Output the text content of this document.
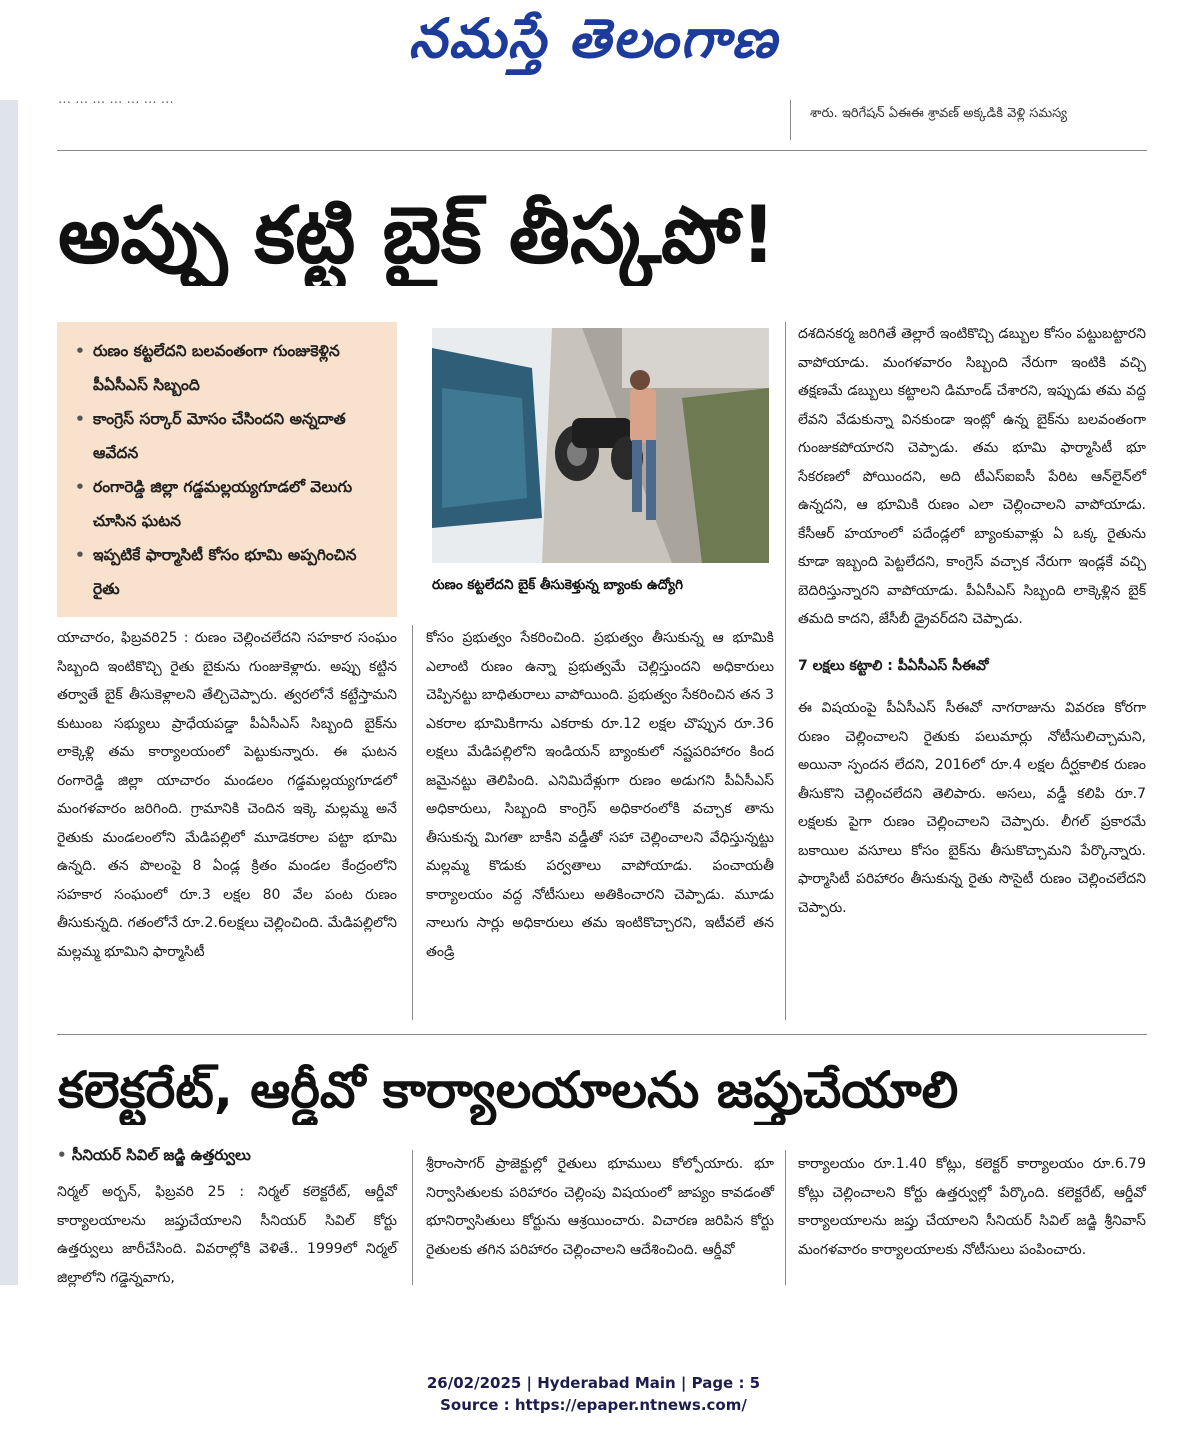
నమస్తే తెలంగాణ
… … … … … … …
శారు. ఇరిగేషన్ ఏఈఈ శ్రావణ్ అక్కడికి వెళ్లి సమస్య
అప్పు కట్టి బైక్ తీస్కపో!
• రుణం కట్టలేదని బలవంతంగా గుంజుకెళ్లిన పీఏసీఎస్ సిబ్బంది
• కాంగ్రెస్ సర్కార్ మోసం చేసిందని అన్నదాత ఆవేదన
• రంగారెడ్డి జిల్లా గడ్డమల్లయ్యగూడలో వెలుగు చూసిన ఘటన
• ఇప్పటికే ఫార్మాసిటీ కోసం భూమి అప్పగించిన రైతు	రుణం కట్టలేదని బైక్ తీసుకెళ్తున్న బ్యాంకు ఉద్యోగి

యాచారం, ఫిబ్రవరి25 : రుణం చెల్లించలేదని సహకార సంఘం సిబ్బంది ఇంటికొచ్చి రైతు బైకును గుంజుకెళ్లారు. అప్పు కట్టిన తర్వాతే బైక్ తీసుకెళ్లాలని తేల్చిచెప్పారు. త్వరలోనే కట్టేస్తామని కుటుంబ సభ్యులు ప్రాధేయపడ్డా పీఏసీఎస్ సిబ్బంది బైక్‌ను లాక్కెళ్లి తమ కార్యాలయంలో పెట్టుకున్నారు. ఈ ఘటన రంగారెడ్డి జిల్లా యాచారం మండలం గడ్డమల్లయ్యగూడలో మంగళవారం జరిగింది. గ్రామానికి చెందిన ఇక్కె మల్లమ్మ అనే రైతుకు మండలంలోని మేడిపల్లిలో మూడెకరాల పట్టా భూమి ఉన్నది. తన పొలంపై 8 ఏండ్ల క్రితం మండల కేంద్రంలోని సహకార సంఘంలో రూ.3 లక్షల 80 వేల పంట రుణం తీసుకున్నది. గతంలోనే రూ.2.6లక్షలు చెల్లించింది. మేడిపల్లిలోని మల్లమ్మ భూమిని ఫార్మాసిటీ

కోసం ప్రభుత్వం సేకరించింది. ప్రభుత్వం తీసుకున్న ఆ భూమికి ఎలాంటి రుణం ఉన్నా ప్రభుత్వమే చెల్లిస్తుందని అధికారులు చెప్పినట్టు బాధితురాలు వాపోయింది. ప్రభుత్వం సేకరించిన తన 3 ఎకరాల భూమికిగాను ఎకరాకు రూ.12 లక్షల చొప్పున రూ.36 లక్షలు మేడిపల్లిలోని ఇండియన్ బ్యాంకులో నష్టపరిహారం కింద జమైనట్టు తెలిపింది. ఎనిమిదేళ్లుగా రుణం అడుగని పీఏసీఎస్ అధికారులు, సిబ్బంది కాంగ్రెస్ అధికారంలోకి వచ్చాక తాను తీసుకున్న మిగతా బాకీని వడ్డీతో సహా చెల్లించాలని వేధిస్తున్నట్టు మల్లమ్మ కొడుకు పర్వతాలు వాపోయాడు. పంచాయతీ కార్యాలయం వద్ద నోటీసులు అతికించారని చెప్పాడు. మూడు నాలుగు సార్లు అధికారులు తమ ఇంటికొచ్చారని, ఇటీవలే తన తండ్రి

దశదినకర్మ జరిగితే తెల్లారే ఇంటికొచ్చి డబ్బుల కోసం పట్టుబట్టారని వాపోయాడు. మంగళవారం సిబ్బంది నేరుగా ఇంటికి వచ్చి తక్షణమే డబ్బులు కట్టాలని డిమాండ్ చేశారని, ఇప్పుడు తమ వద్ద లేవని వేడుకున్నా వినకుండా ఇంట్లో ఉన్న బైక్‌ను బలవంతంగా గుంజుకపోయారని చెప్పాడు. తమ భూమి ఫార్మాసిటీ భూ సేకరణలో పోయిందని, అది టీఎస్‌ఐఐసీ పేరిట ఆన్‌లైన్‌లో ఉన్నదని, ఆ భూమికి రుణం ఎలా చెల్లించాలని వాపోయాడు. కేసీఆర్ హయాంలో పదేండ్లలో బ్యాంకువాళ్లు ఏ ఒక్క రైతును కూడా ఇబ్బంది పెట్టలేదని, కాంగ్రెస్ వచ్చాక నేరుగా ఇండ్లకే వచ్చి బెదిరిస్తున్నారని వాపోయాడు. పీఏసీఎస్ సిబ్బంది లాక్కెళ్లిన బైక్ తమది కాదని, జేసీబీ డ్రైవర్‌దని చెప్పాడు.

7 లక్షలు కట్టాలి : పీఏసీఎస్ సీఈవో

ఈ విషయంపై పీఏసీఎస్ సీఈవో నాగరాజును వివరణ కోరగా రుణం చెల్లించాలని రైతుకు పలుమార్లు నోటీసులిచ్చామని, అయినా స్పందన లేదని, 2016లో రూ.4 లక్షల దీర్ఘకాలిక రుణం తీసుకొని చెల్లించలేదని తెలిపారు. అసలు, వడ్డీ కలిపి రూ.7 లక్షలకు పైగా రుణం చెల్లించాలని చెప్పారు. లీగల్ ప్రకారమే బకాయిల వసూలు కోసం బైక్‌ను తీసుకొచ్చామని పేర్కొన్నారు. ఫార్మాసిటీ పరిహారం తీసుకున్న రైతు సొసైటీ రుణం చెల్లించలేదని చెప్పారు.

కలెక్టరేట్, ఆర్డీవో కార్యాలయాలను జప్తుచేయాలి
• సీనియర్ సివిల్ జడ్జి ఉత్తర్వులు

నిర్మల్ అర్బన్, ఫిబ్రవరి 25 : నిర్మల్ కలెక్టరేట్, ఆర్డీవో కార్యాలయాలను జప్తుచేయాలని సీనియర్ సివిల్ కోర్టు ఉత్తర్వులు జారీచేసింది. వివరాల్లోకి వెళితే.. 1999లో నిర్మల్ జిల్లాలోని గడ్డెన్నవాగు,

శ్రీరాంసాగర్ ప్రాజెక్టుల్లో రైతులు భూములు కోల్పోయారు. భూ నిర్వాసితులకు పరిహారం చెల్లింపు విషయంలో జాప్యం కావడంతో భూనిర్వాసితులు కోర్టును ఆశ్రయించారు. విచారణ జరిపిన కోర్టు రైతులకు తగిన పరిహారం చెల్లించాలని ఆదేశించింది. ఆర్డీవో

కార్యాలయం రూ.1.40 కోట్లు, కలెక్టర్ కార్యాలయం రూ.6.79 కోట్లు చెల్లించాలని కోర్టు ఉత్తర్వుల్లో పేర్కొంది. కలెక్టరేట్, ఆర్డీవో కార్యాలయాలను జప్తు చేయాలని సీనియర్ సివిల్ జడ్జి శ్రీనివాస్ మంగళవారం కార్యాలయాలకు నోటీసులు పంపించారు.

26/02/2025 | Hyderabad Main | Page : 5
Source : https://epaper.ntnews.com/
